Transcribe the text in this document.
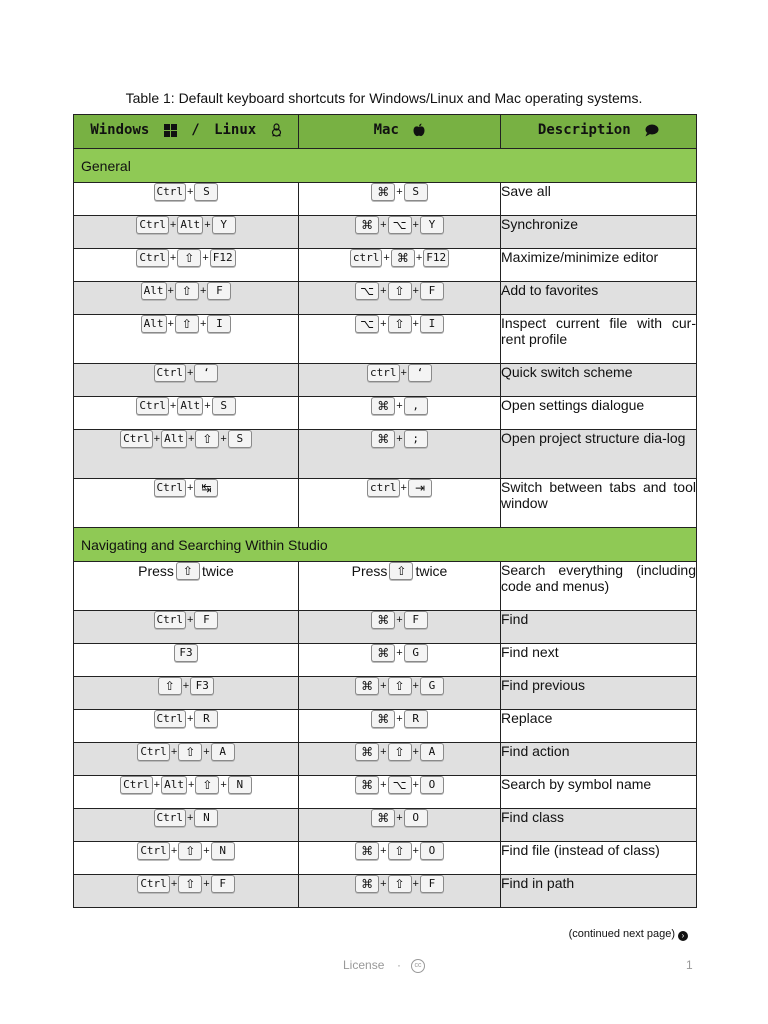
Table 1: Default keyboard shortcuts for Windows/Linux and Mac operating systems.
Windows / Linux	Mac	Description
General		
Ctrl + S	⌘ + S	Save all
Ctrl + Alt + Y	⌘ + ⌥ + Y	Synchronize
Ctrl + ⇧ + F12	ctrl + ⌘ + F12	Maximize/minimize editor
Alt + ⇧ + F	⌥ + ⇧ + F	Add to favorites
Alt + ⇧ + I	⌥ + ⇧ + I	Inspect current file with cur-rent profile
Ctrl + ‘	ctrl + ‘	Quick switch scheme
Ctrl + Alt + S	⌘ + ,	Open settings dialogue
Ctrl + Alt + ⇧ + S	⌘ + ;	Open project structure dia-log
Ctrl + ↹	ctrl + ⇥	Switch between tabs and tool window
Navigating and Searching Within Studio		
Press ⇧ twice	Press ⇧ twice	Search everything (including code and menus)
Ctrl + F	⌘ + F	Find
F3	⌘ + G	Find next
⇧ + F3	⌘ + ⇧ + G	Find previous
Ctrl + R	⌘ + R	Replace
Ctrl + ⇧ + A	⌘ + ⇧ + A	Find action
Ctrl + Alt + ⇧ + N	⌘ + ⌥ + O	Search by symbol name
Ctrl + N	⌘ + O	Find class
Ctrl + ⇧ + N	⌘ + ⇧ + O	Find file (instead of class)
Ctrl + ⇧ + F	⌘ + ⇧ + F	Find in path
(continued next page) ›
License ·	cc	1
